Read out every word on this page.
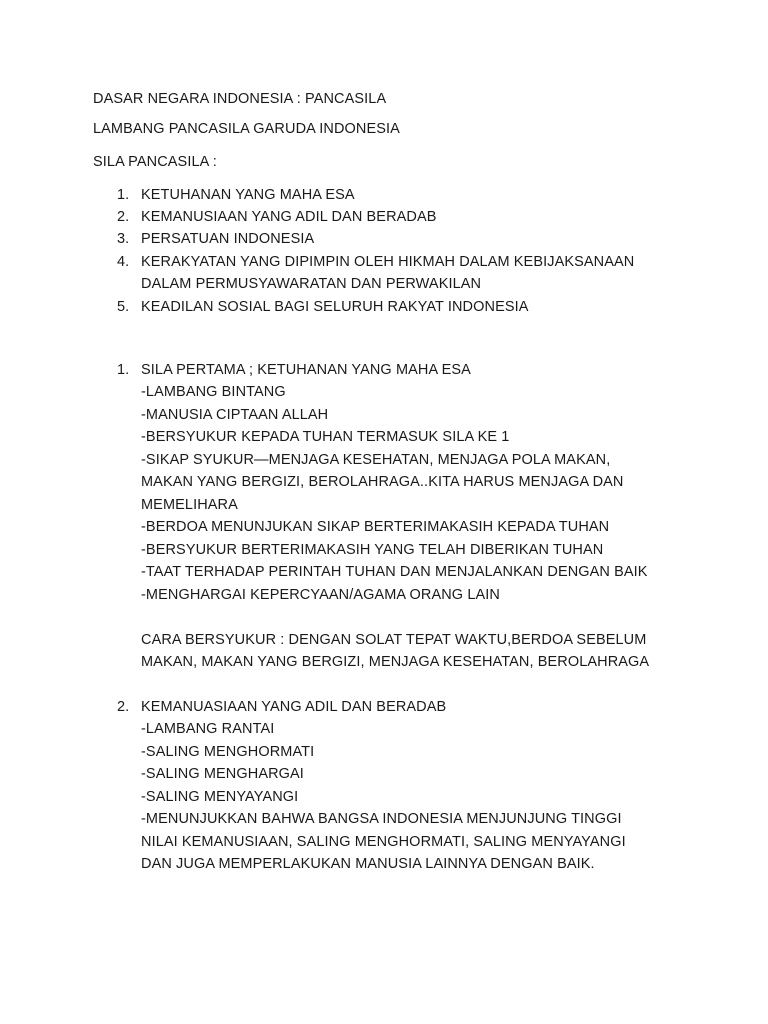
DASAR NEGARA INDONESIA : PANCASILA
LAMBANG PANCASILA GARUDA INDONESIA
SILA PANCASILA :
1. KETUHANAN YANG MAHA ESA
2. KEMANUSIAAN YANG ADIL DAN BERADAB
3. PERSATUAN INDONESIA
4. KERAKYATAN YANG DIPIMPIN OLEH HIKMAH DALAM KEBIJAKSANAAN
DALAM PERMUSYAWARATAN DAN PERWAKILAN
5. KEADILAN SOSIAL BAGI SELURUH RAKYAT INDONESIA
1. SILA PERTAMA ; KETUHANAN YANG MAHA ESA
-LAMBANG BINTANG
-MANUSIA CIPTAAN ALLAH
-BERSYUKUR KEPADA TUHAN TERMASUK SILA KE 1
-SIKAP SYUKUR—MENJAGA KESEHATAN, MENJAGA POLA MAKAN,
MAKAN YANG BERGIZI, BEROLAHRAGA..KITA HARUS MENJAGA DAN
MEMELIHARA
-BERDOA MENUNJUKAN SIKAP BERTERIMAKASIH KEPADA TUHAN
-BERSYUKUR BERTERIMAKASIH YANG TELAH DIBERIKAN TUHAN
-TAAT TERHADAP PERINTAH TUHAN DAN MENJALANKAN DENGAN BAIK
-MENGHARGAI KEPERCYAAN/AGAMA ORANG LAIN
CARA BERSYUKUR : DENGAN SOLAT TEPAT WAKTU,BERDOA SEBELUM
MAKAN, MAKAN YANG BERGIZI, MENJAGA KESEHATAN, BEROLAHRAGA
2. KEMANUASIAAN YANG ADIL DAN BERADAB
-LAMBANG RANTAI
-SALING MENGHORMATI
-SALING MENGHARGAI
-SALING MENYAYANGI
-MENUNJUKKAN BAHWA BANGSA INDONESIA MENJUNJUNG TINGGI
NILAI KEMANUSIAAN, SALING MENGHORMATI, SALING MENYAYANGI
DAN JUGA MEMPERLAKUKAN MANUSIA LAINNYA DENGAN BAIK.
